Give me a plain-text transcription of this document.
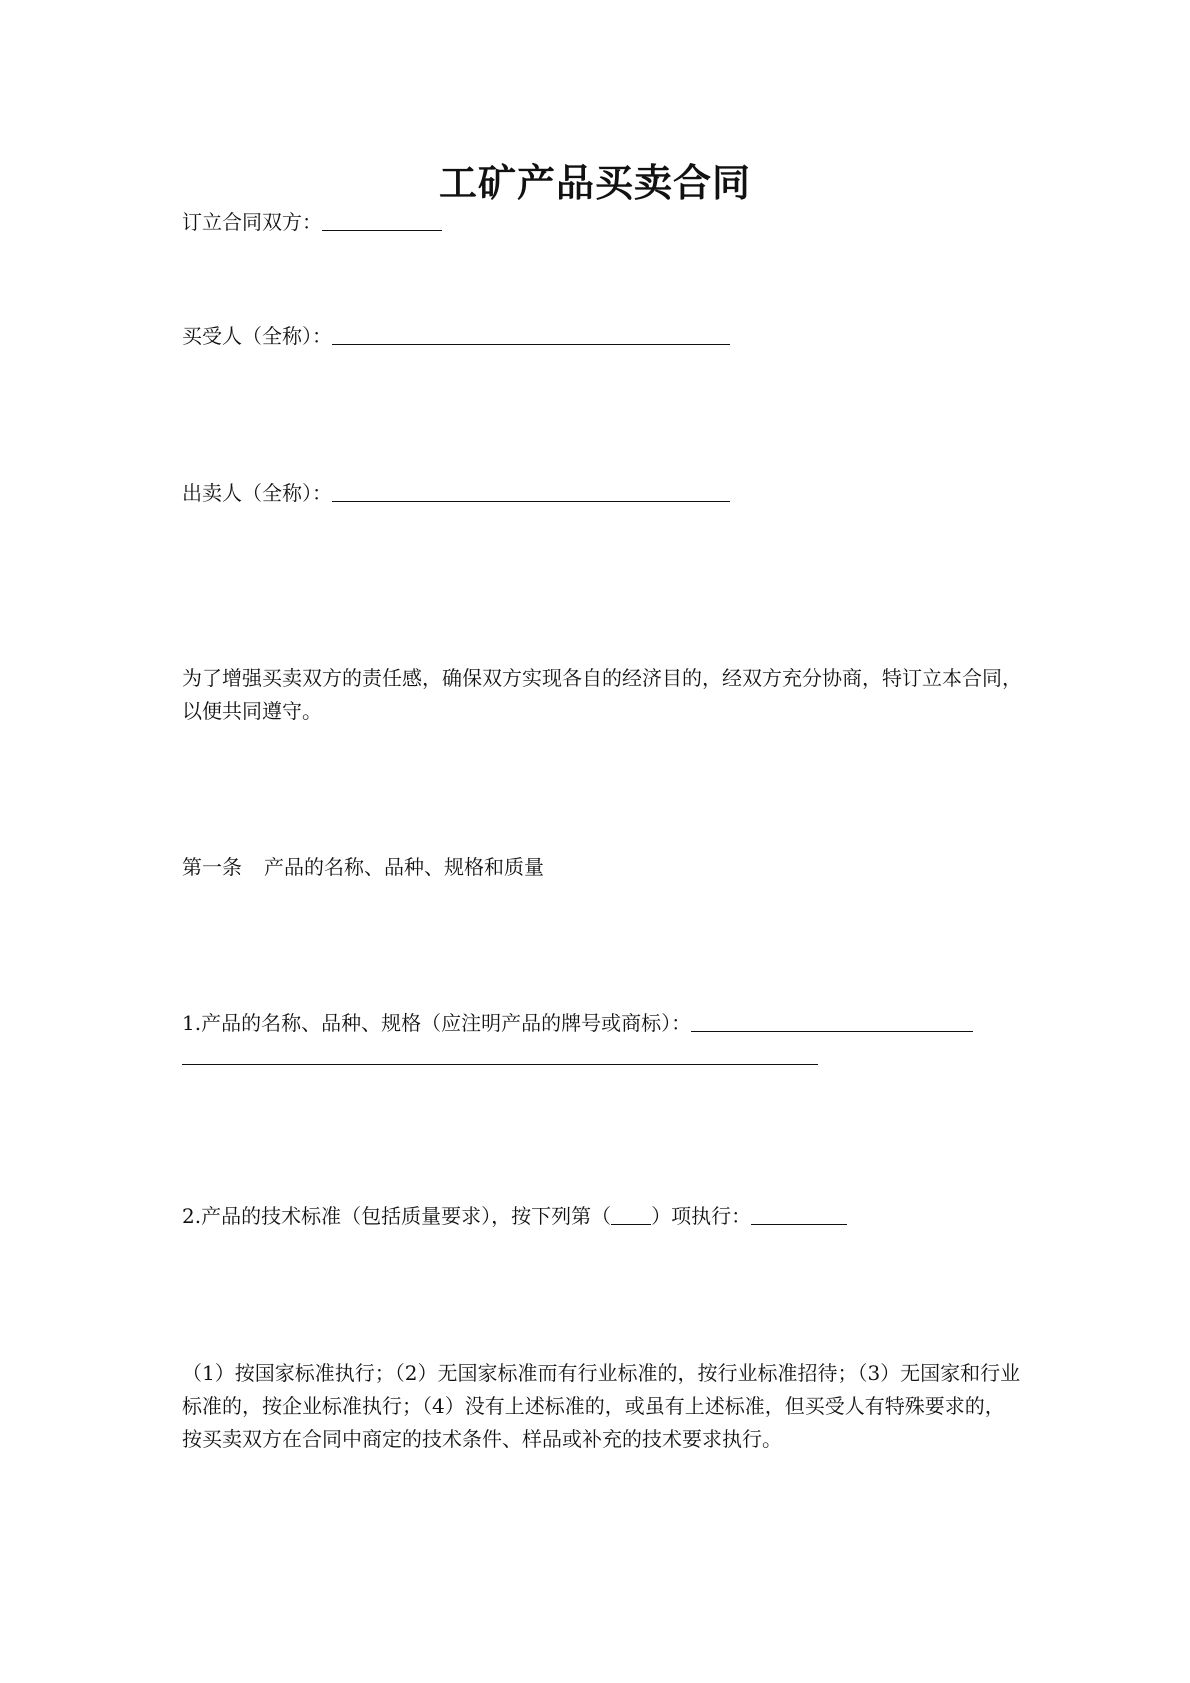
工矿产品买卖合同

订立合同双方：

买受人（全称）：

出卖人（全称）：

为了增强买卖双方的责任感，确保双方实现各自的经济目的，经双方充分协商，特订立本合同，以便共同遵守。

第一条 产品的名称、品种、规格和质量

1.产品的名称、品种、规格（应注明产品的牌号或商标）：

2.产品的技术标准（包括质量要求），按下列第（ ）项执行：

（1）按国家标准执行；（2）无国家标准而有行业标准的，按行业标准招待；（3）无国家和行业标准的，按企业标准执行；（4）没有上述标准的，或虽有上述标准，但买受人有特殊要求的，按买卖双方在合同中商定的技术条件、样品或补充的技术要求执行。
